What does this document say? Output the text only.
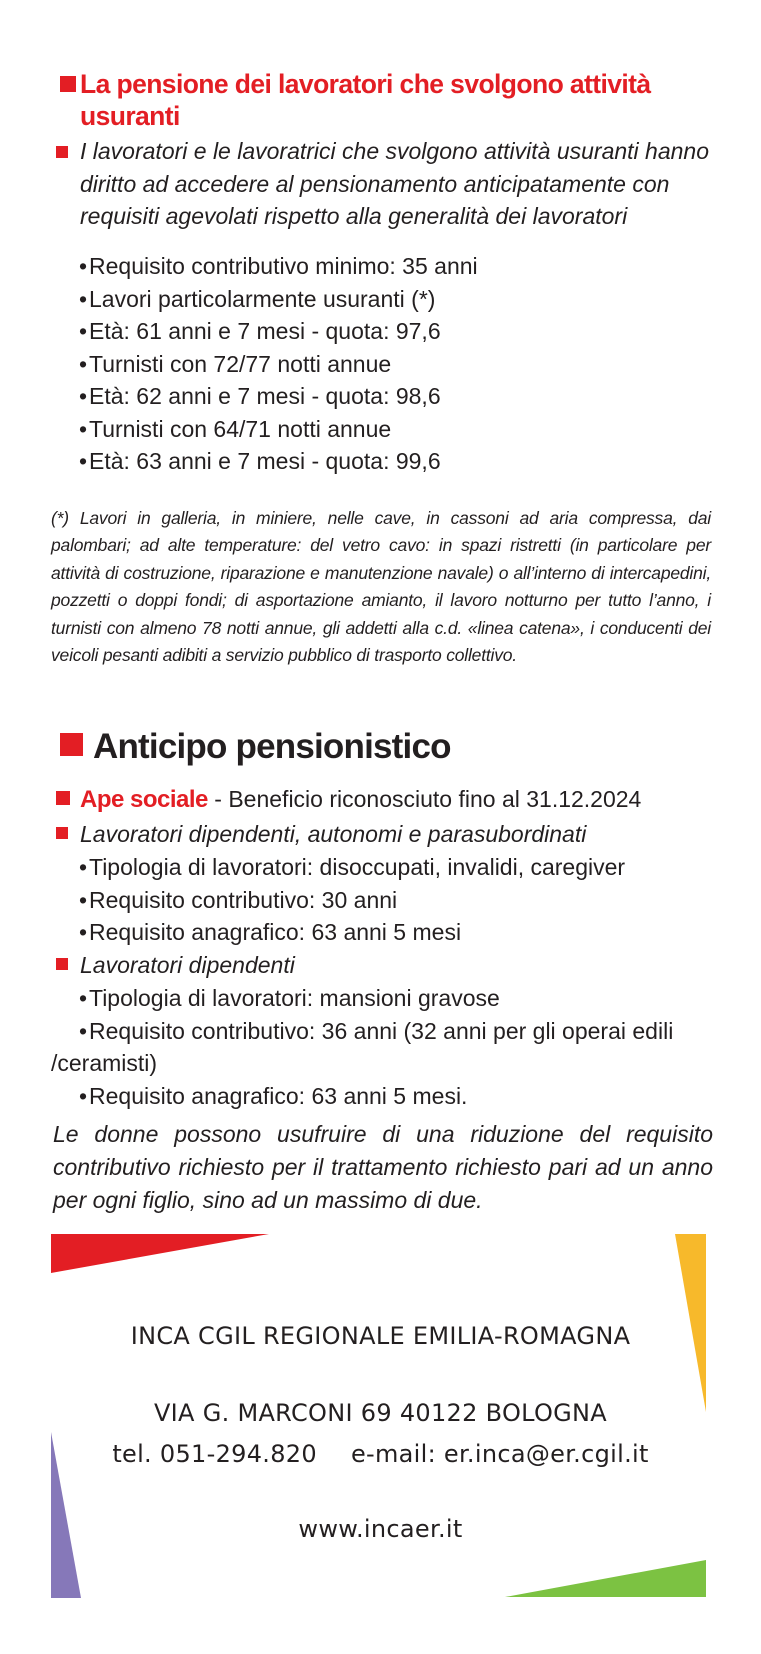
La pensione dei lavoratori che svolgono attività usuranti
I lavoratori e le lavoratrici che svolgono attività usuranti hanno diritto ad accedere al pensionamento anticipatamente con requisiti agevolati rispetto alla generalità dei lavoratori
•Requisito contributivo minimo: 35 anni
•Lavori particolarmente usuranti (*)
•Età: 61 anni e 7 mesi - quota: 97,6
•Turnisti con 72/77 notti annue
•Età: 62 anni e 7 mesi - quota: 98,6
•Turnisti con 64/71 notti annue
•Età: 63 anni e 7 mesi - quota: 99,6
(*) Lavori in galleria, in miniere, nelle cave, in cassoni ad aria compressa, dai palombari; ad alte temperature: del vetro cavo: in spazi ristretti (in particolare per attività di costruzione, riparazione e manutenzione navale) o all’interno di intercapedini, pozzetti o doppi fondi; di asportazione amianto, il lavoro notturno per tutto l’anno, i turnisti con almeno 78 notti annue, gli addetti alla c.d. «linea catena», i conducenti dei veicoli pesanti adibiti a servizio pubblico di trasporto collettivo.
Anticipo pensionistico
Ape sociale - Beneficio riconosciuto fino al 31.12.2024
Lavoratori dipendenti, autonomi e parasubordinati
•Tipologia di lavoratori: disoccupati, invalidi, caregiver
•Requisito contributivo: 30 anni
•Requisito anagrafico: 63 anni 5 mesi
Lavoratori dipendenti
•Tipologia di lavoratori: mansioni gravose
•Requisito contributivo: 36 anni (32 anni per gli operai edili
/ceramisti)
•Requisito anagrafico: 63 anni 5 mesi.
Le donne possono usufruire di una riduzione del requisito contributivo richiesto per il trattamento richiesto pari ad un anno per ogni figlio, sino ad un massimo di due.
INCA CGIL REGIONALE EMILIA-ROMAGNA
VIA G. MARCONI 69 40122 BOLOGNA
tel. 051-294.820 e-mail: er.inca@er.cgil.it
www.incaer.it
